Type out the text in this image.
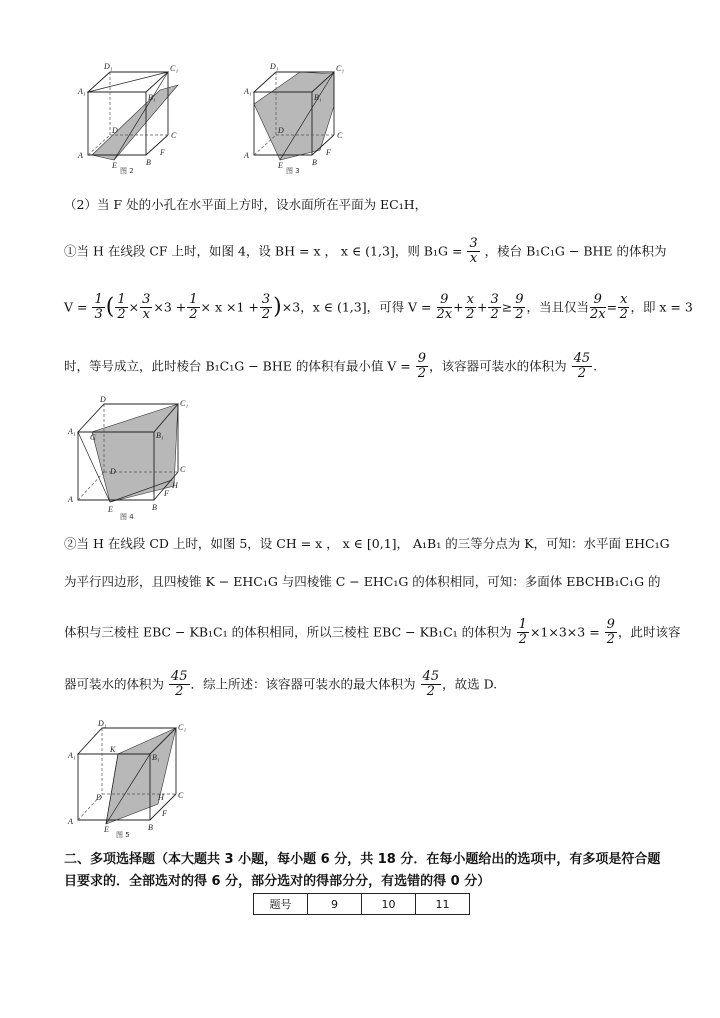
D₁	C₁
A₁
B₁
D
C
A
E	B
F
图 2
D₁	C₁
A₁
B₁
D
C
A
E	B
F
图 3
（2）当 F 处的小孔在水平面上方时，设水面所在平面为 EC₁H，
①当 H 在线段 CF 上时，如图 4，设 BH = x ， x ∈ (1,3]，则 $B_1G = \frac{3}{x}$ ，棱台 B₁C₁G − BHE 的体积为
$V = \frac{1}{3}$ ( $\frac{1}{2} \times \frac{3}{x} \times 3 + \frac{1}{2} \times x \times 1 + \frac{3}{2} )\times 3$，x ∈ (1,3]，可得 $V = \frac{9}{2x} + \frac{x}{2} + \frac{3}{2} \ge \frac{9}{2}$ ，当且仅当 $\frac{9}{2x} = \frac{x}{2}$ ，即 x = 3
时，等号成立，此时棱台 B₁C₁G − BHE 的体积有最小值 $V = \frac{9}{2}$ ，该容器可装水的体积为 $\frac{45}{2}$ .
D	C₁
A₁
G	B₁
D	C
H
F
A
E	B
图 4
②当 H 在线段 CD 上时，如图 5，设 CH = x ， x ∈ [0,1]， A₁B₁ 的三等分点为 K，可知：水平面 EHC₁G
为平行四边形，且四棱锥 K − EHC₁G 与四棱锥 C − EHC₁G 的体积相同，可知：多面体 EBCHB₁C₁G 的
体积与三棱柱 EBC − KB₁C₁ 的体积相同，所以三棱柱 EBC − KB₁C₁ 的体积为 $\frac{1}{2} \times 1\times 3\times 3 = \frac{9}{2}$ ，此时该容
器可装水的体积为 $\frac{45}{2}$ ．综上所述：该容器可装水的最大体积为 $\frac{45}{2}$ ，故选 D.
D₁	C₁
A₁
K
B₁
D	H C
A
E	B
F
图 5
二、多项选择题（本大题共 3 小题，每小题 6 分，共 18 分．在每小题给出的选项中，有多项是符合题目要求的．全部选对的得 6 分，部分选对的得部分分，有选错的得 0 分）
题号	9	10	11
